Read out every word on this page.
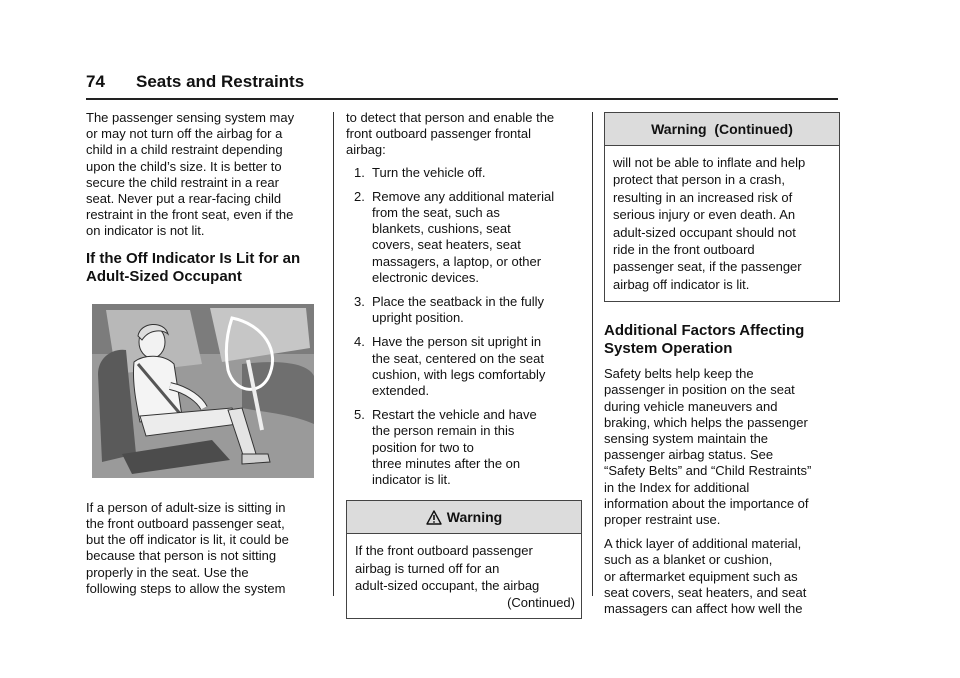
74 Seats and Restraints

The passenger sensing system may
or may not turn off the airbag for a
child in a child restraint depending
upon the child’s size. It is better to
secure the child restraint in a rear
seat. Never put a rear-facing child
restraint in the front seat, even if the
on indicator is not lit.

If the Off Indicator Is Lit for an
Adult-Sized Occupant

If a person of adult-size is sitting in
the front outboard passenger seat,
but the off indicator is lit, it could be
because that person is not sitting
properly in the seat. Use the
following steps to allow the system

to detect that person and enable the
front outboard passenger frontal
airbag:

1. Turn the vehicle off.
2. Remove any additional material
from the seat, such as
blankets, cushions, seat
covers, seat heaters, seat
massagers, a laptop, or other
electronic devices.
3. Place the seatback in the fully
upright position.
4. Have the person sit upright in
the seat, centered on the seat
cushion, with legs comfortably
extended.
5. Restart the vehicle and have
the person remain in this
position for two to
three minutes after the on
indicator is lit.
Warning
If the front outboard passenger
airbag is turned off for an
adult-sized occupant, the airbag
(Continued)
Warning  (Continued)
will not be able to inflate and help
protect that person in a crash,
resulting in an increased risk of
serious injury or even death. An
adult-sized occupant should not
ride in the front outboard
passenger seat, if the passenger
airbag off indicator is lit.
Additional Factors Affecting
System Operation

Safety belts help keep the
passenger in position on the seat
during vehicle maneuvers and
braking, which helps the passenger
sensing system maintain the
passenger airbag status. See
“Safety Belts” and “Child Restraints”
in the Index for additional
information about the importance of
proper restraint use.

A thick layer of additional material,
such as a blanket or cushion,
or aftermarket equipment such as
seat covers, seat heaters, and seat
massagers can affect how well the
